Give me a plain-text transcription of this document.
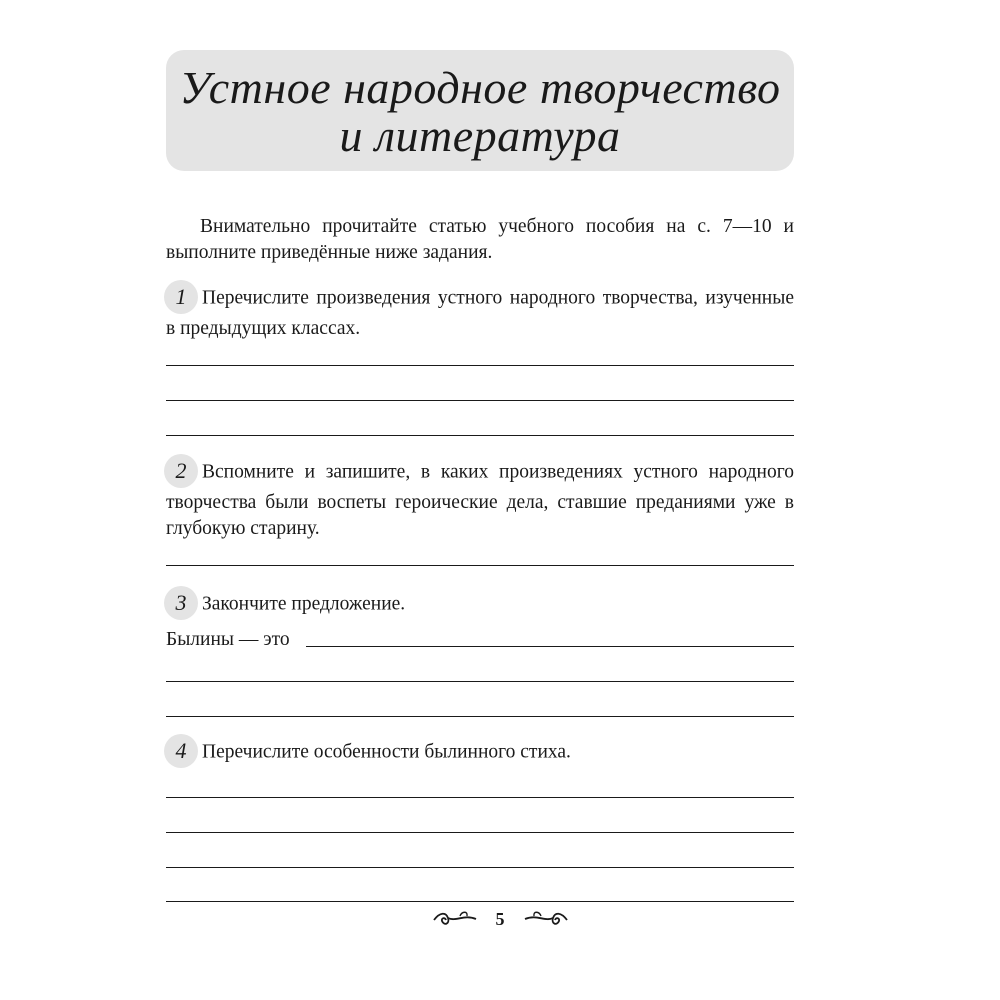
Устное народное творчество
и литература
Внимательно прочитайте статью учебного пособия на с. 7—10 и выполните приведённые ниже задания.
1 Перечислите произведения устного народного творчества, изученные в предыдущих классах.
2 Вспомните и запишите, в каких произведениях устного народного творчества были воспеты героические дела, ставшие преданиями уже в глубокую старину.
3 Закончите предложение.
Былины — это
4 Перечислите особенности былинного стиха.
5
